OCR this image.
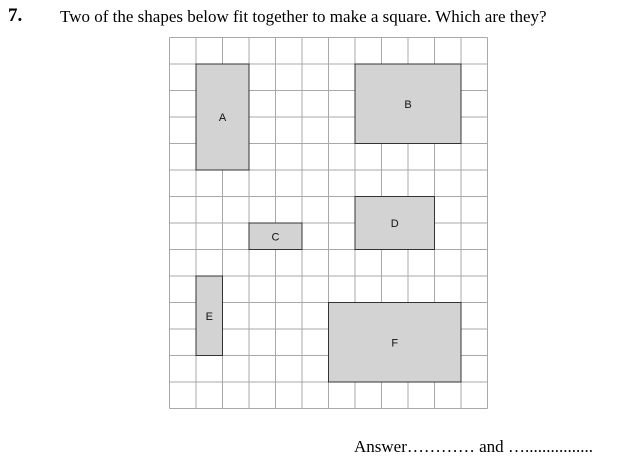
7. Two of the shapes below fit together to make a square. Which are they?
A
B
C
D
E
F
Answer………… and …................
